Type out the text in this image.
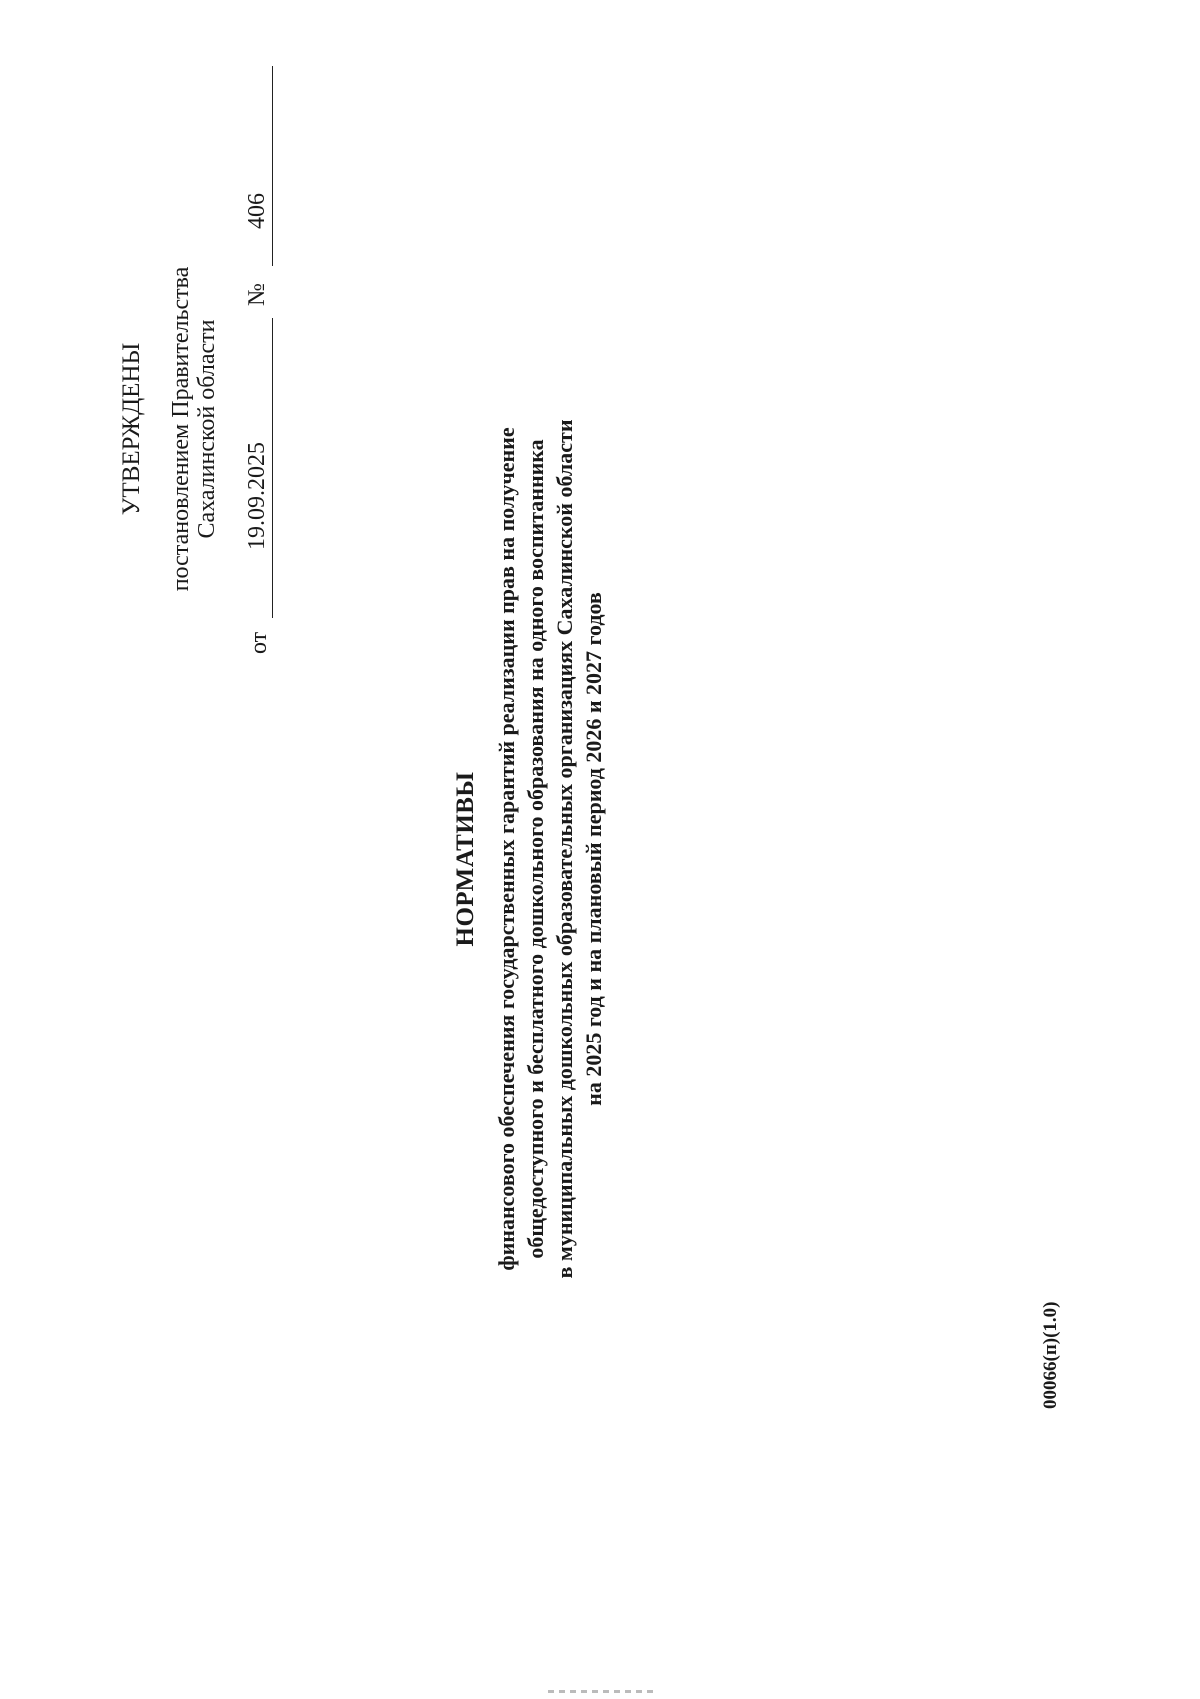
УТВЕРЖДЕНЫ постановлением Правительства Сахалинской области
от
19.09.2025
№
406
НОРМАТИВЫ финансового обеспечения государственных гарантий реализации прав на получение общедоступного и бесплатного дошкольного образования на одного воспитанника в муниципальных дошкольных образовательных организациях Сахалинской области на 2025 год и на плановый период 2026 и 2027 годов
00066(п)(1.0)
